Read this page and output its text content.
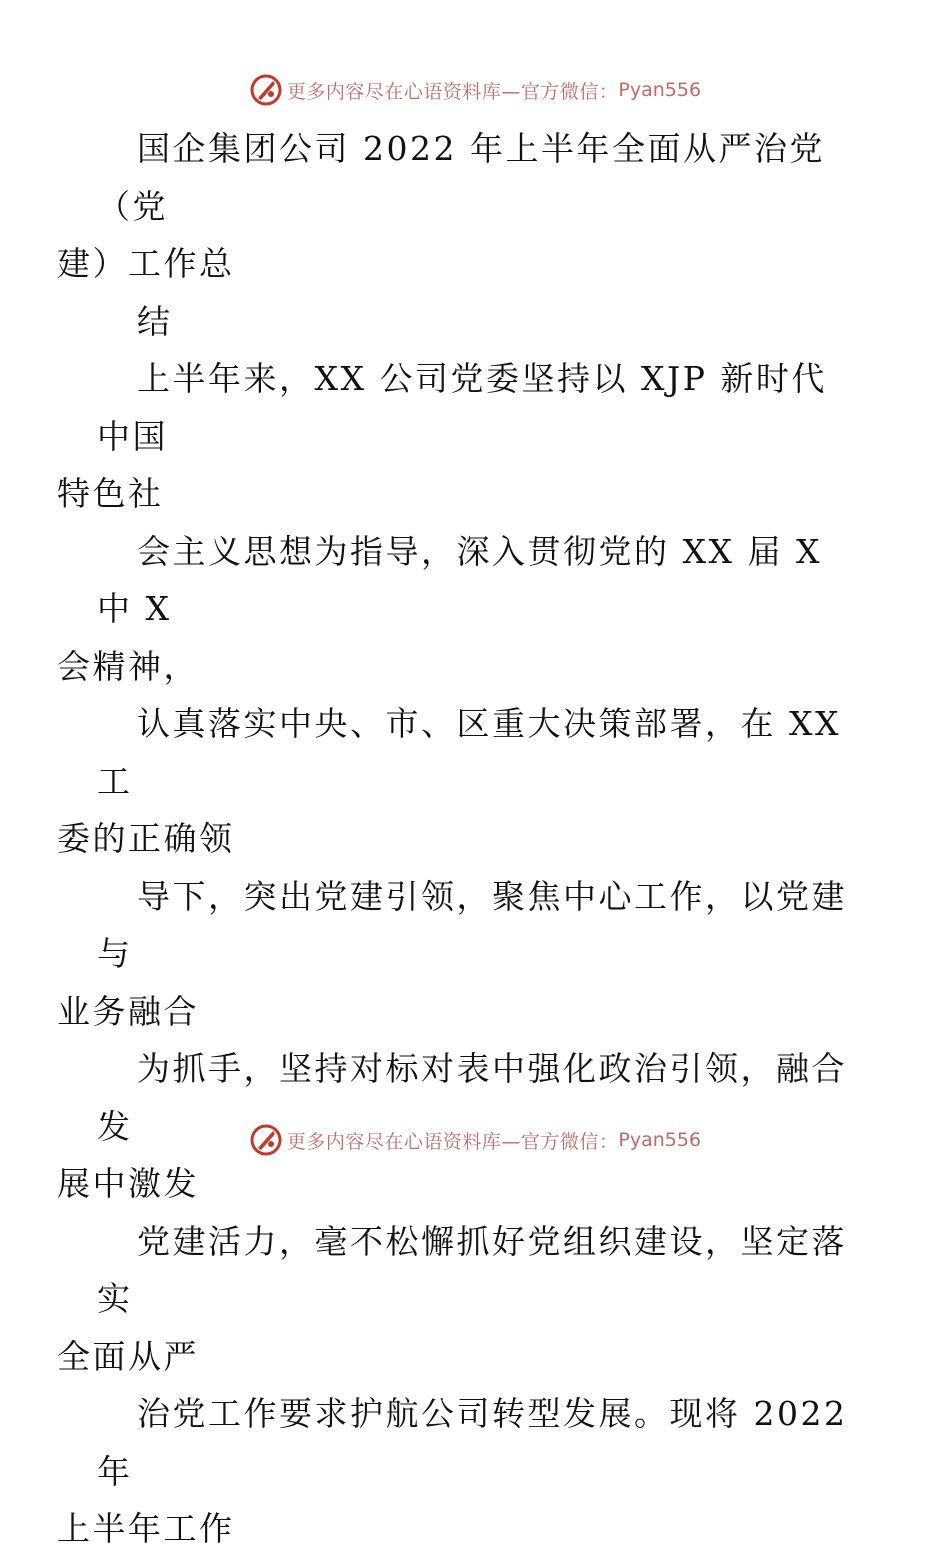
更多内容尽在心语资料库—官方微信： Pyan556

国企集团公司 2022 年上半年全面从严治党（党
建）工作总

结

上半年来，XX 公司党委坚持以 XJP 新时代中国
特色社

会主义思想为指导，深入贯彻党的 XX 届 X 中 X
会精神，

认真落实中央、市、区重大决策部署，在 XX 工
委的正确领

导下，突出党建引领，聚焦中心工作，以党建与
业务融合

为抓手，坚持对标对表中强化政治引领，融合发
展中激发

党建活力，毫不松懈抓好党组织建设，坚定落实
全面从严

治党工作要求护航公司转型发展。现将 2022 年
上半年工作

更多内容尽在心语资料库—官方微信： Pyan556
